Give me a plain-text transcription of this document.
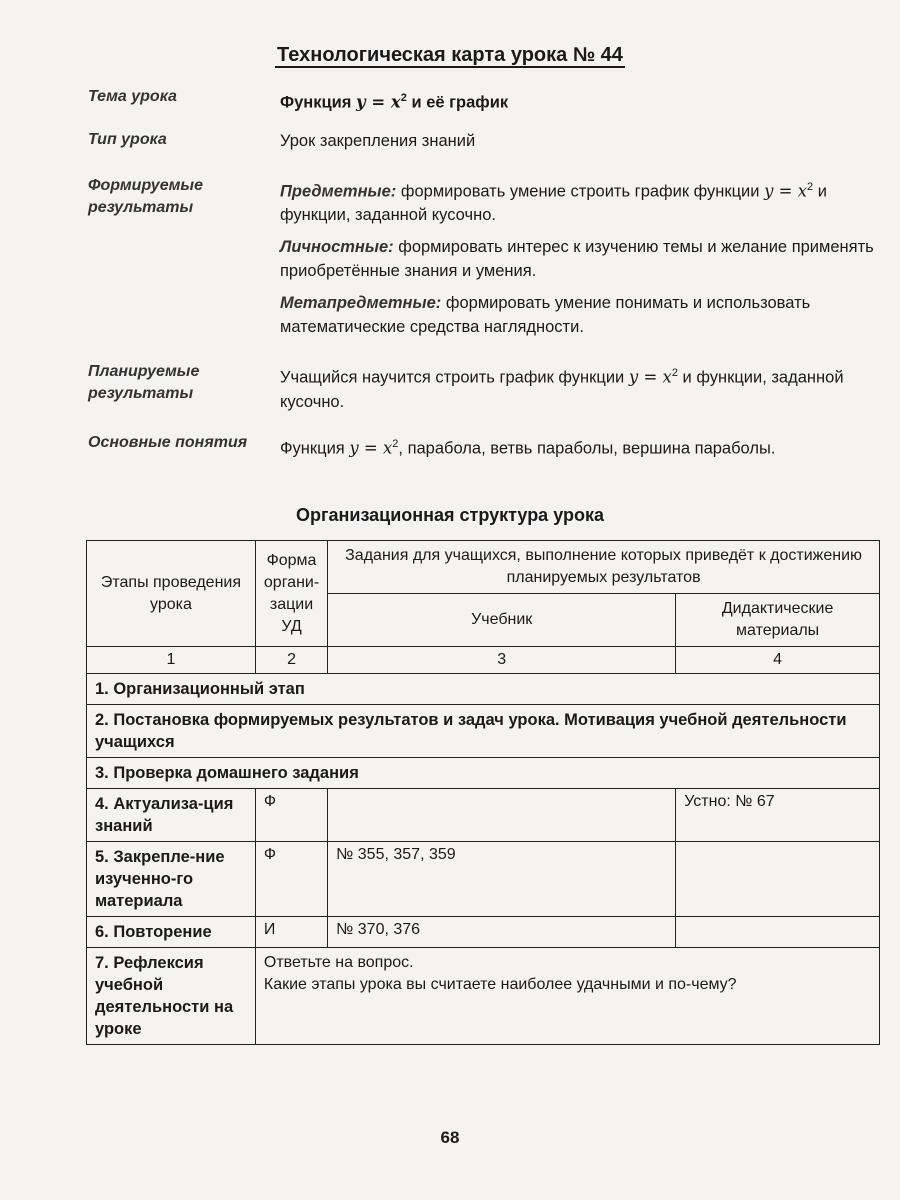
Технологическая карта урока № 44
Тема урока	Функция $y = x^2$ и её график
Тип урока	Урок закрепления знаний
Формируемые результаты

Предметные: формировать умение строить график функции $y = x^2$ и функции, заданной кусочно.

Личностные: формировать интерес к изучению темы и желание применять приобретённые знания и умения.

Метапредметные: формировать умение понимать и использовать математические средства наглядности.

Планируемые результаты
Учащийся научится строить график функции $y = x^2$ и функции, заданной кусочно.
Основные понятия Функция $y = x^2$, парабола, ветвь параболы, вершина параболы.
Организационная структура урока
Этапы проведения урока	Форма органи-зации УД	Задания для учащихся, выполнение которых приведёт к достижению планируемых результатов	
		Учебник	Дидактические материалы
1	2	3	4
1. Организационный этап			
2. Постановка формируемых результатов и задач урока. Мотивация учебной деятельности учащихся			
3. Проверка домашнего задания			
4. Актуализа-ция знаний	Ф		Устно: № 67
5. Закрепле-ние изученно-го материала	Ф	№ 355, 357, 359	
6. Повторение	И	№ 370, 376	
7. Рефлексия учебной деятельности на уроке	Ответьте на вопрос.
Какие этапы урока вы считаете наиболее удачными и по-чему?		
68
